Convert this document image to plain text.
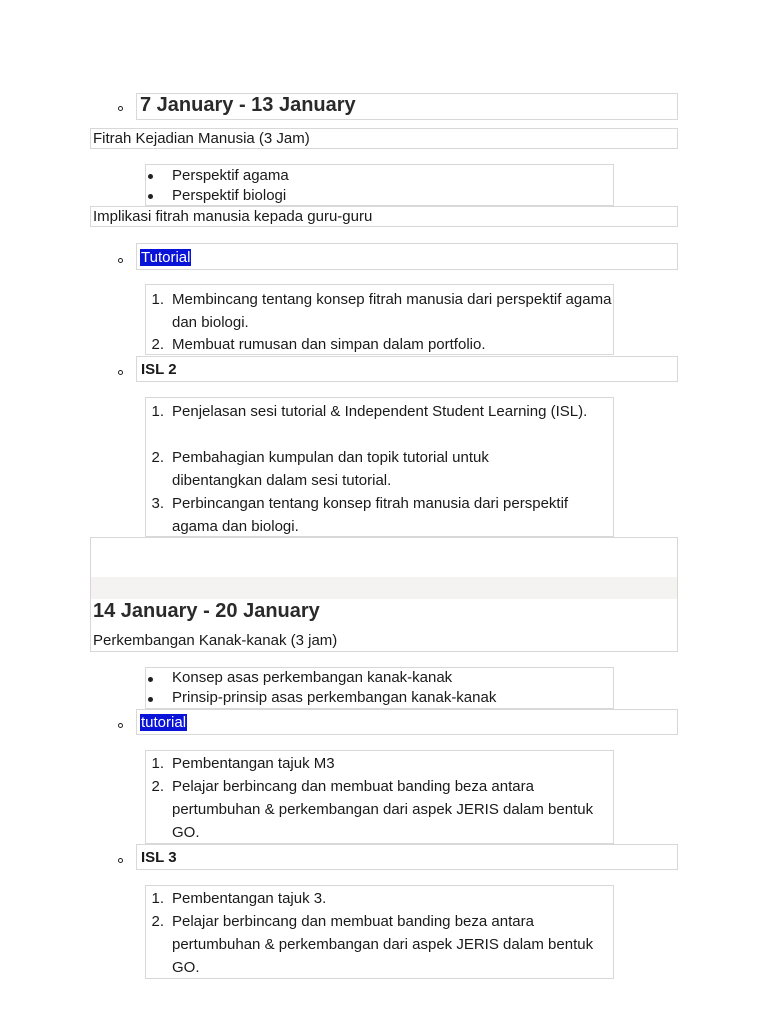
7 January - 13 January
Fitrah Kejadian Manusia (3 Jam)
Perspektif agama
Perspektif biologi
Implikasi fitrah manusia kepada guru-guru
Tutorial
1. Membincang tentang konsep fitrah manusia dari perspektif agama dan biologi.
2. Membuat rumusan dan simpan dalam portfolio.
ISL 2
1. Penjelasan sesi tutorial & Independent Student Learning (ISL).
2. Pembahagian kumpulan dan topik tutorial untuk dibentangkan dalam sesi tutorial.
3. Perbincangan tentang konsep fitrah manusia dari perspektif agama dan biologi.
14 January - 20 January
Perkembangan Kanak-kanak (3 jam)
Konsep asas perkembangan kanak-kanak
Prinsip-prinsip asas perkembangan kanak-kanak
tutorial
1. Pembentangan tajuk M3
2. Pelajar berbincang dan membuat banding beza antara pertumbuhan & perkembangan dari aspek JERIS dalam bentuk GO.
ISL 3
1. Pembentangan tajuk 3.
2. Pelajar berbincang dan membuat banding beza antara pertumbuhan & perkembangan dari aspek JERIS dalam bentuk GO.
